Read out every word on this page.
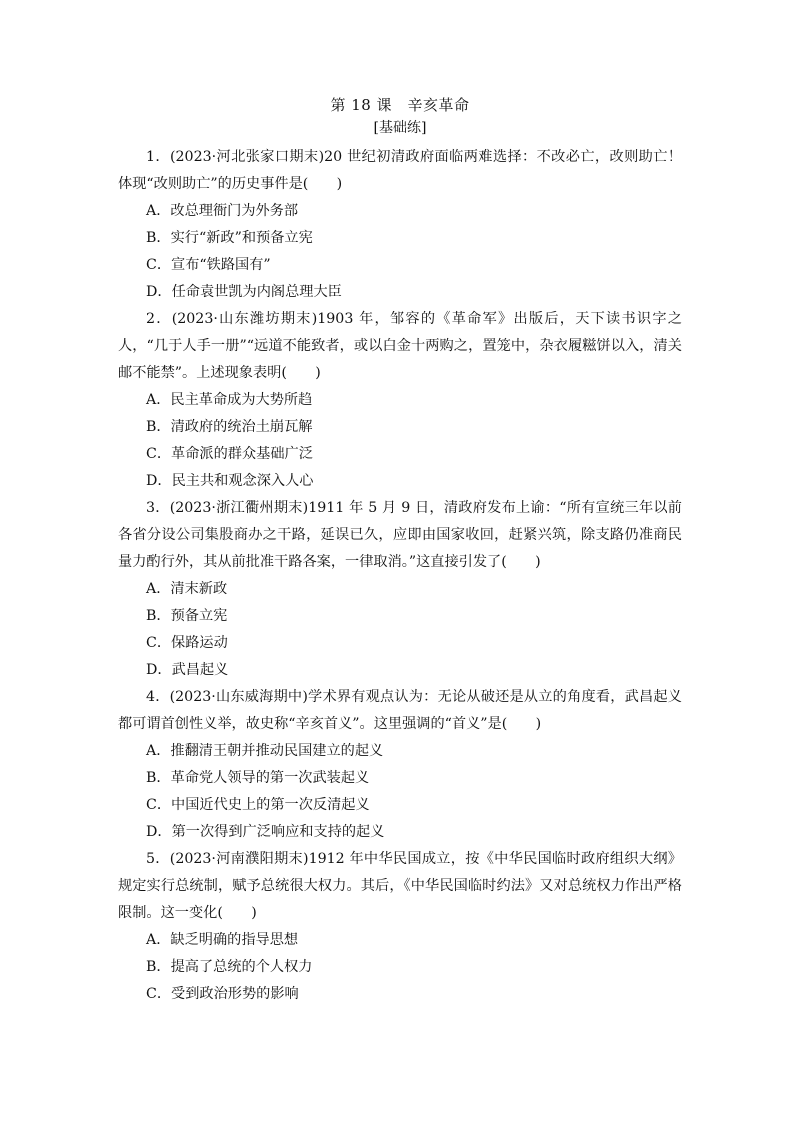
第 18 课　辛亥革命
[基础练]

1．(2023·河北张家口期末)20 世纪初清政府面临两难选择：不改必亡，改则助亡！体现“改则助亡”的历史事件是(　　)

A．改总理衙门为外务部
B．实行“新政”和预备立宪
C．宣布“铁路国有”
D．任命袁世凯为内阁总理大臣

2．(2023·山东潍坊期末)1903 年，邹容的《革命军》出版后，天下读书识字之人，“几于人手一册”“远道不能致者，或以白金十两购之，置笼中，杂衣履糍饼以入，清关邮不能禁”。上述现象表明(　　)

A．民主革命成为大势所趋
B．清政府的统治土崩瓦解
C．革命派的群众基础广泛
D．民主共和观念深入人心

3．(2023·浙江衢州期末)1911 年 5 月 9 日，清政府发布上谕：“所有宣统三年以前各省分设公司集股商办之干路，延误已久，应即由国家收回，赶紧兴筑，除支路仍准商民量力酌行外，其从前批准干路各案，一律取消。”这直接引发了(　　)

A．清末新政
B．预备立宪
C．保路运动
D．武昌起义

4．(2023·山东威海期中)学术界有观点认为：无论从破还是从立的角度看，武昌起义都可谓首创性义举，故史称“辛亥首义”。这里强调的“首义”是(　　)

A．推翻清王朝并推动民国建立的起义
B．革命党人领导的第一次武装起义
C．中国近代史上的第一次反清起义
D．第一次得到广泛响应和支持的起义

5．(2023·河南濮阳期末)1912 年中华民国成立，按《中华民国临时政府组织大纲》规定实行总统制，赋予总统很大权力。其后，《中华民国临时约法》又对总统权力作出严格限制。这一变化(　　)

A．缺乏明确的指导思想
B．提高了总统的个人权力
C．受到政治形势的影响
